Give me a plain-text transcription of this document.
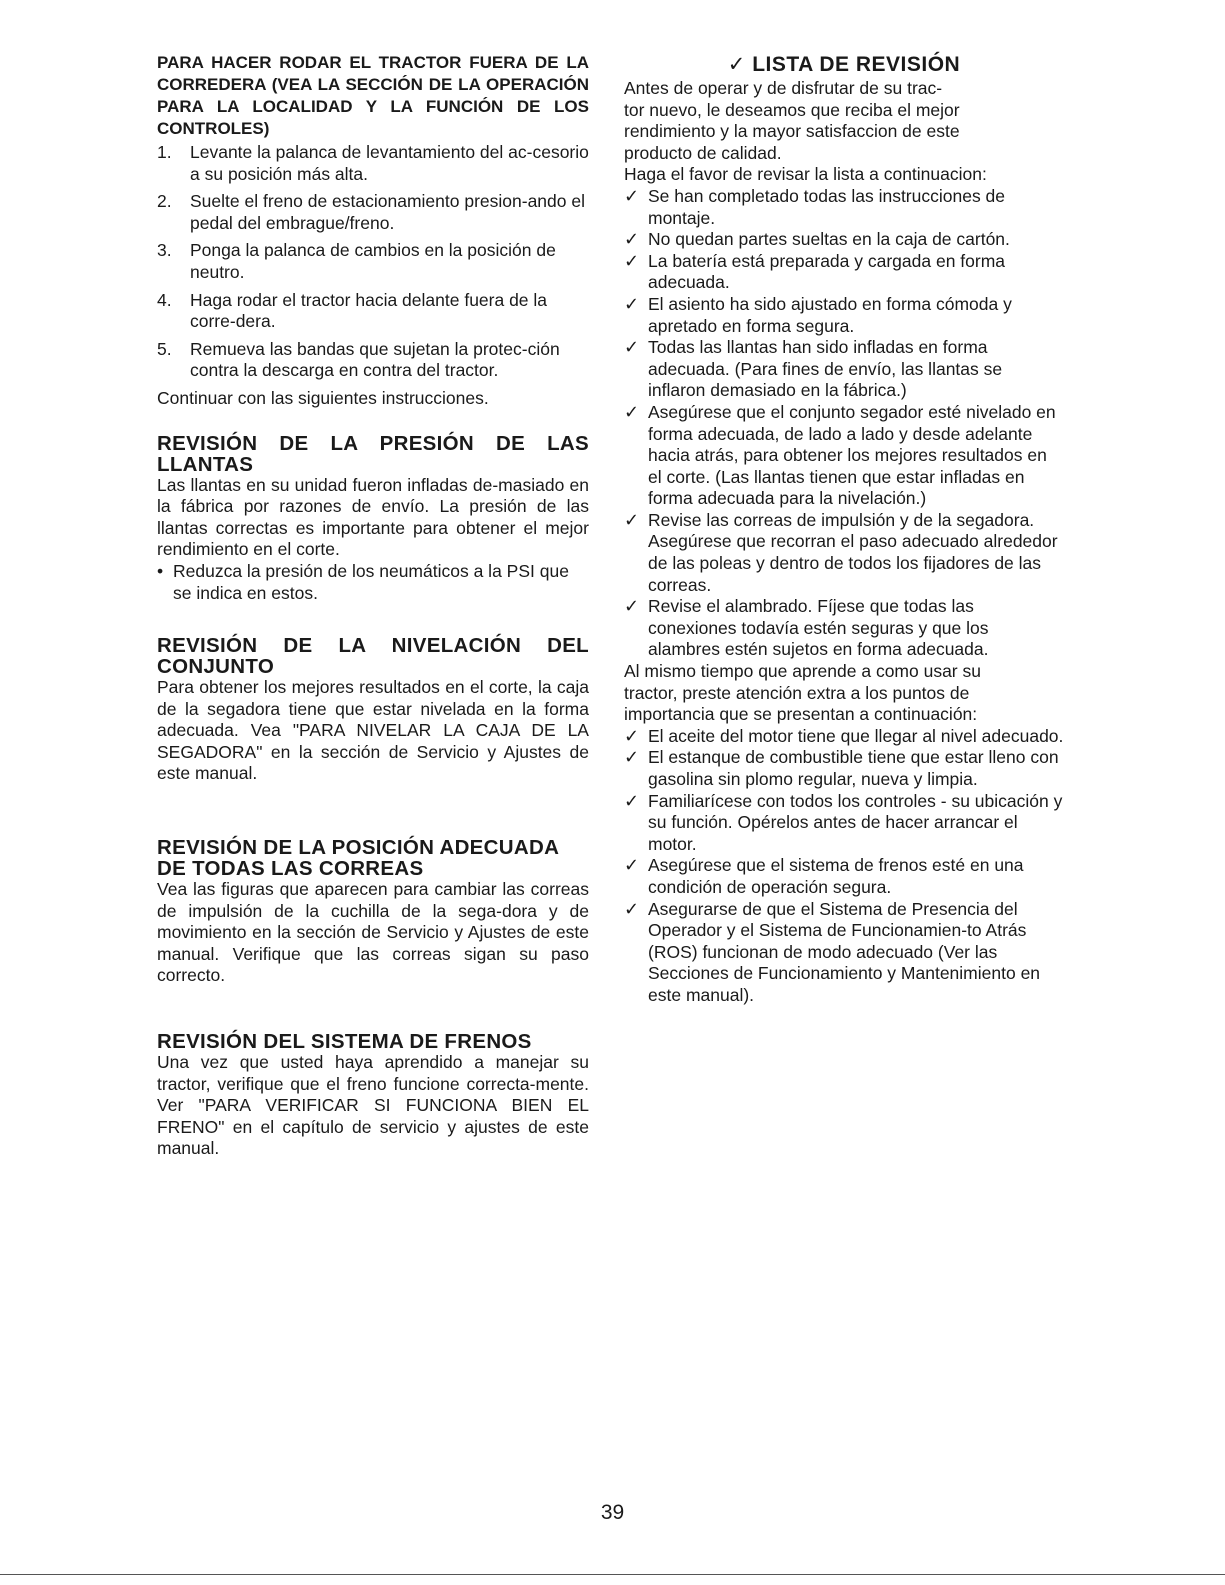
PARA HACER RODAR EL TRACTOR FUERA DE LA CORREDERA (VEA LA SECCIÓN DE LA OPERACIÓN PARA LA LOCALIDAD Y LA FUNCIÓN DE LOS CONTROLES)

1.	Levante la palanca de levantamiento del ac-cesorio a su posición más alta.
2.	Suelte el freno de estacionamiento presion-ando el pedal del embrague/freno.
3.	Ponga la palanca de cambios en la posición de neutro.
4.	Haga rodar el tractor hacia delante fuera de la corre-dera.
5.	Remueva las bandas que sujetan la protec-ción contra la descarga en contra del tractor.

Continuar con las siguientes instrucciones.

REVISIÓN DE LA PRESIÓN DE LAS LLANTAS

Las llantas en su unidad fueron infladas de-masiado en la fábrica por razones de envío. La presión de las llantas correctas es importante para obtener el mejor rendimiento en el corte.

• Reduzca la presión de los neumáticos a la PSI que se indica en estos.
REVISIÓN DE LA NIVELACIÓN DEL CONJUNTO

Para obtener los mejores resultados en el corte, la caja de la segadora tiene que estar nivelada en la forma adecuada. Vea "PARA NIVELAR LA CAJA DE LA SEGADORA" en la sección de Servicio y Ajustes de este manual.

REVISIÓN DE LA POSICIÓN ADECUADA DE TODAS LAS CORREAS

Vea las figuras que aparecen para cambiar las correas de impulsión de la cuchilla de la sega-dora y de movimiento en la sección de Servicio y Ajustes de este manual. Verifique que las correas sigan su paso correcto.

REVISIÓN DEL SISTEMA DE FRENOS

Una vez que usted haya aprendido a manejar su tractor, verifique que el freno funcione correcta-mente. Ver "PARA VERIFICAR SI FUNCIONA BIEN EL FRENO" en el capítulo de servicio y ajustes de este manual.

✓ LISTA DE REVISIÓN

Antes de operar y de disfrutar de su trac-
tor nuevo, le deseamos que reciba el mejor
rendimiento y la mayor satisfaccion de este
producto de calidad.
Haga el favor de revisar la lista a continuacion:

✓ Se han completado todas las instrucciones de montaje.
✓ No quedan partes sueltas en la caja de cartón.
✓ La batería está preparada y cargada en forma adecuada.
✓ El asiento ha sido ajustado en forma cómoda y apretado en forma segura.
✓ Todas las llantas han sido infladas en forma adecuada. (Para fines de envío, las llantas se inflaron demasiado en la fábrica.)
✓ Asegúrese que el conjunto segador esté nivelado en forma adecuada, de lado a lado y desde adelante hacia atrás, para obtener los mejores resultados en el corte. (Las llantas tienen que estar infladas en forma adecuada para la nivelación.)
✓ Revise las correas de impulsión y de la segadora. Asegúrese que recorran el paso adecuado alrededor de las poleas y dentro de todos los fijadores de las correas.
✓ Revise el alambrado. Fíjese que todas las conexiones todavía estén seguras y que los alambres estén sujetos en forma adecuada.

Al mismo tiempo que aprende a como usar su
tractor, preste atención extra a los puntos de
importancia que se presentan a continuación:

✓ El aceite del motor tiene que llegar al nivel adecuado.
✓ El estanque de combustible tiene que estar lleno con gasolina sin plomo regular, nueva y limpia.
✓ Familiarícese con todos los controles - su ubicación y su función. Opérelos antes de hacer arrancar el motor.
✓ Asegúrese que el sistema de frenos esté en una condición de operación segura.
✓ Asegurarse de que el Sistema de Presencia del Operador y el Sistema de Funcionamien-to Atrás (ROS) funcionan de modo adecuado (Ver las Secciones de Funcionamiento y Mantenimiento en este manual).
39
